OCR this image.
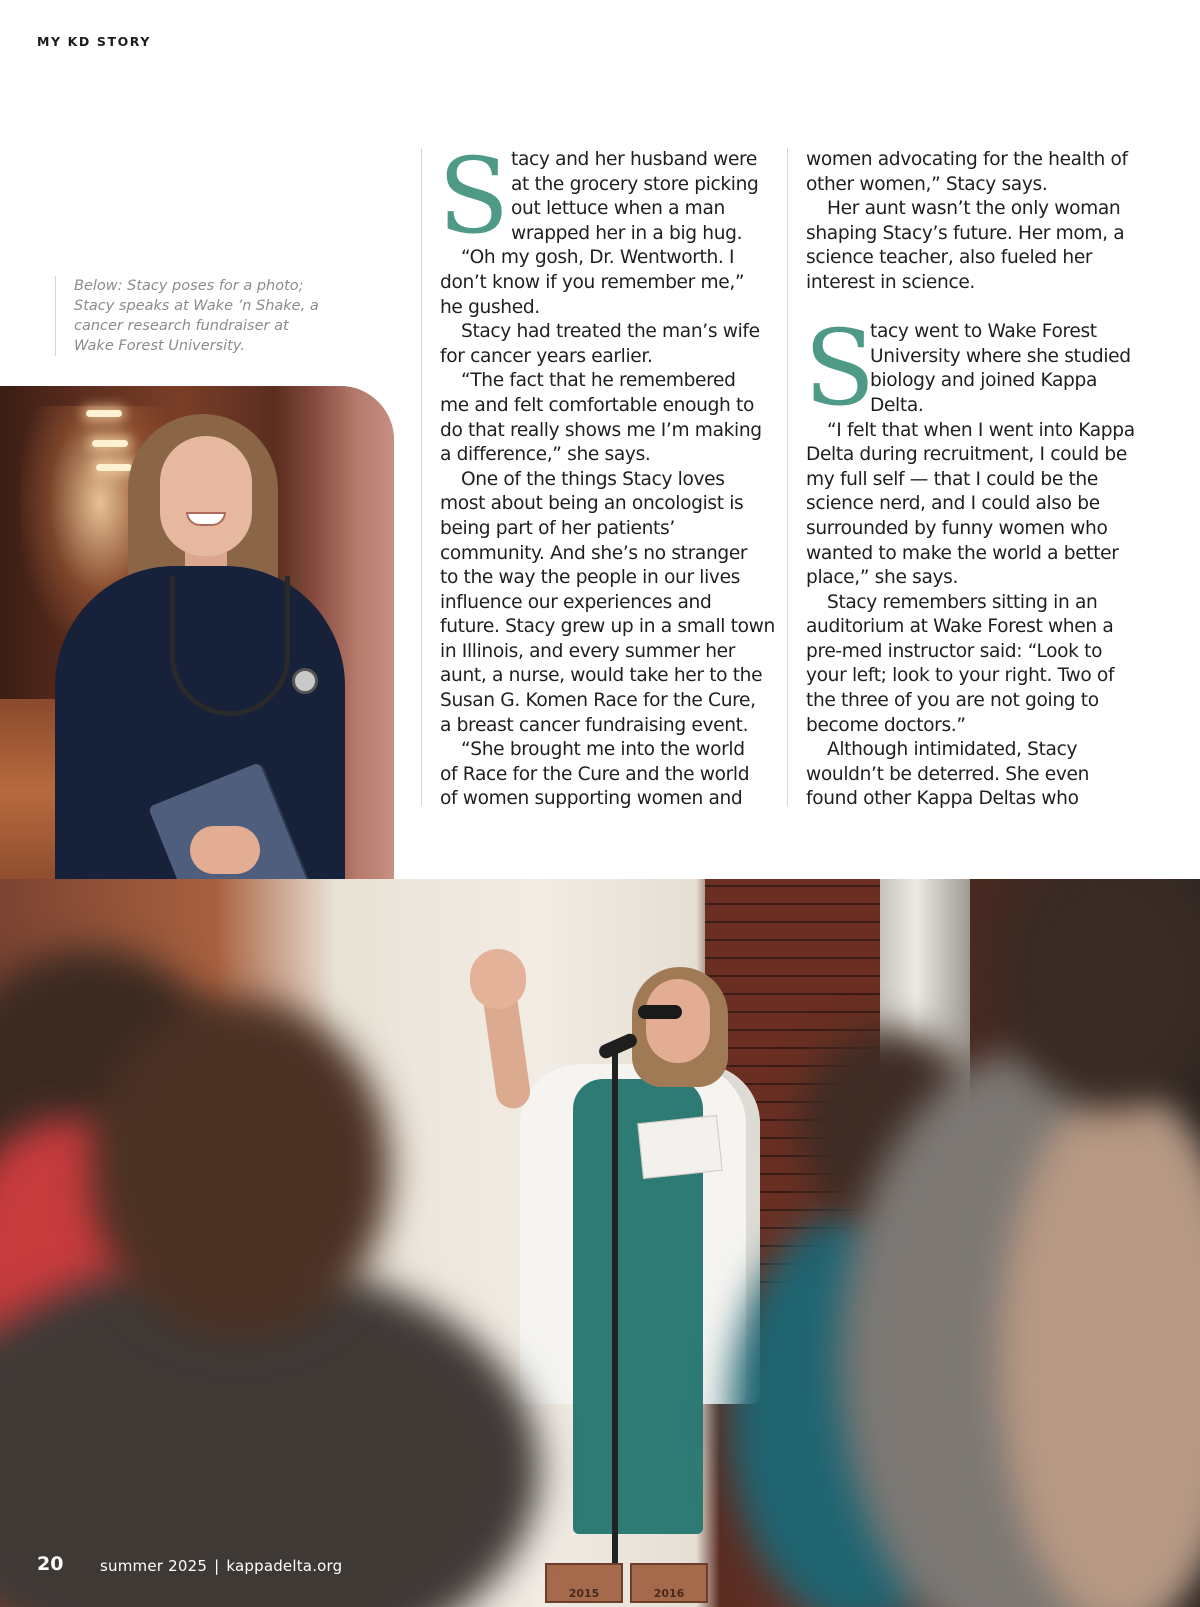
MY KD STORY
Below: Stacy poses for a photo;
Stacy speaks at Wake ’n Shake, a
cancer research fundraiser at
Wake Forest University.
S tacy and her husband were
at the grocery store picking
out lettuce when a man
wrapped her in a big hug.
“Oh my gosh, Dr. Wentworth. I
don’t know if you remember me,”
he gushed.
Stacy had treated the man’s wife
for cancer years earlier.
“The fact that he remembered
me and felt comfortable enough to
do that really shows me I’m making
a difference,” she says.
One of the things Stacy loves
most about being an oncologist is
being part of her patients’
community. And she’s no stranger
to the way the people in our lives
influence our experiences and
future. Stacy grew up in a small town
in Illinois, and every summer her
aunt, a nurse, would take her to the
Susan G. Komen Race for the Cure,
a breast cancer fundraising event.
“She brought me into the world
of Race for the Cure and the world
of women supporting women and
women advocating for the health of
other women,” Stacy says.
Her aunt wasn’t the only woman
shaping Stacy’s future. Her mom, a
science teacher, also fueled her
interest in science.
S
tacy went to Wake Forest
University where she studied
biology and joined Kappa
Delta.
“I felt that when I went into Kappa
Delta during recruitment, I could be
my full self — that I could be the
science nerd, and I could also be
surrounded by funny women who
wanted to make the world a better
place,” she says.
Stacy remembers sitting in an
auditorium at Wake Forest when a
pre-med instructor said: “Look to
your left; look to your right. Two of
the three of you are not going to
become doctors.”
Although intimidated, Stacy
wouldn’t be deterred. She even
found other Kappa Deltas who
2015	2016
20 summer 2025 | kappadelta.org
